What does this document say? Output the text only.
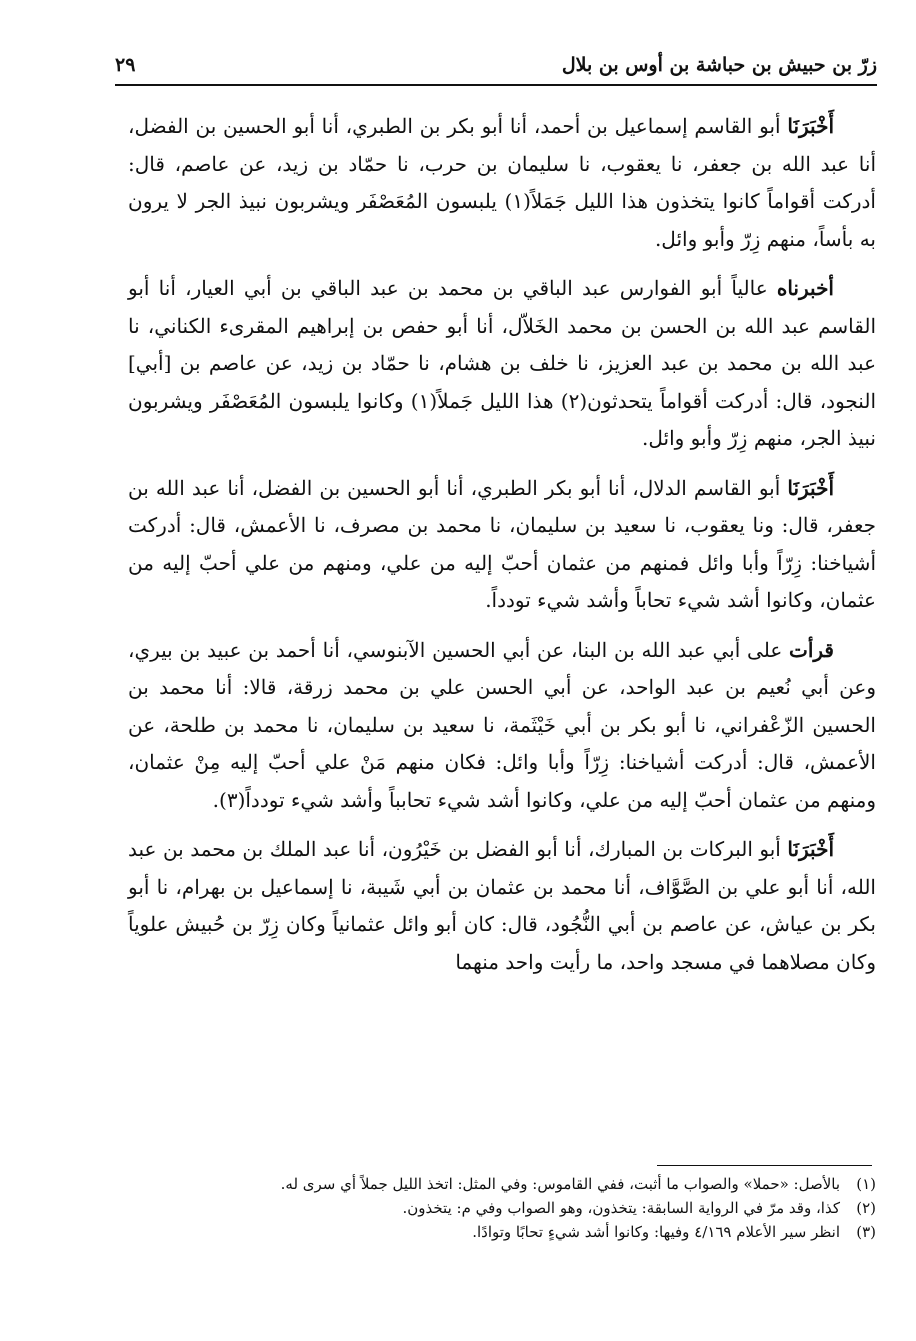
زرّ بن حبيش بن حباشة بن أوس بن بلال
٢٩

أَخْبَرَنَا أبو القاسم إسماعيل بن أحمد، أنا أبو بكر بن الطبري، أنا أبو الحسين بن الفضل، أنا عبد الله بن جعفر، نا يعقوب، نا سليمان بن حرب، نا حمّاد بن زيد، عن عاصم، قال: أدركت أقواماً كانوا يتخذون هذا الليل جَمَلاً(١) يلبسون المُعَصْفَر ويشربون نبيذ الجر لا يرون به بأساً، منهم زِرّ وأبو وائل.

أخبرناه عالياً أبو الفوارس عبد الباقي بن محمد بن عبد الباقي بن أبي العيار، أنا أبو القاسم عبد الله بن الحسن بن محمد الخَلاّل، أنا أبو حفص بن إبراهيم المقرىء الكناني، نا عبد الله بن محمد بن عبد العزيز، نا خلف بن هشام، نا حمّاد بن زيد، عن عاصم بن [أبي] النجود، قال: أدركت أقواماً يتحدثون(٢) هذا الليل جَملاً(١) وكانوا يلبسون المُعَصْفَر ويشربون نبيذ الجر، منهم زِرّ وأبو وائل.

أَخْبَرَنَا أبو القاسم الدلال، أنا أبو بكر الطبري، أنا أبو الحسين بن الفضل، أنا عبد الله بن جعفر، قال: ونا يعقوب، نا سعيد بن سليمان، نا محمد بن مصرف، نا الأعمش، قال: أدركت أشياخنا: زِرّاً وأبا وائل فمنهم من عثمان أحبّ إليه من علي، ومنهم من علي أحبّ إليه من عثمان، وكانوا أشد شيء تحاباً وأشد شيء تودداً.

قرأت على أبي عبد الله بن البنا، عن أبي الحسين الآبنوسي، أنا أحمد بن عبيد بن بيري، وعن أبي نُعيم بن عبد الواحد، عن أبي الحسن علي بن محمد زرقة، قالا: أنا محمد بن الحسين الزّعْفراني، نا أبو بكر بن أبي خَيْثَمة، نا سعيد بن سليمان، نا محمد بن طلحة، عن الأعمش، قال: أدركت أشياخنا: زِرّاً وأبا وائل: فكان منهم مَنْ علي أحبّ إليه مِنْ عثمان، ومنهم من عثمان أحبّ إليه من علي، وكانوا أشد شيء تحابباً وأشد شيء تودداً(٣).

أَخْبَرَنَا أبو البركات بن المبارك، أنا أبو الفضل بن خَيْرُون، أنا عبد الملك بن محمد بن عبد الله، أنا أبو علي بن الصَّوَّاف، أنا محمد بن عثمان بن أبي شَيبة، نا إسماعيل بن بهرام، نا أبو بكر بن عياش، عن عاصم بن أبي النُّجُود، قال: كان أبو وائل عثمانياً وكان زِرّ بن حُبيش علوياً وكان مصلاهما في مسجد واحد، ما رأيت واحد منهما

(١)
بالأصل: «حملا» والصواب ما أثبت، ففي القاموس: وفي المثل: اتخذ الليل جملاً أي سرى له.
(٢)
كذا، وقد مرّ في الرواية السابقة: يتخذون، وهو الصواب وفي م: يتخذون.
(٣)
انظر سير الأعلام ٤/١٦٩ وفيها: وكانوا أشد شيءٍ تحابًا وتوادًا.
